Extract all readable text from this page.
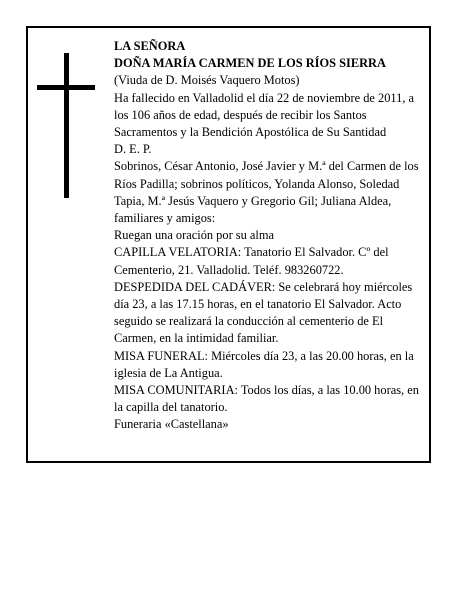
LA SEÑORA

DOÑA MARÍA CARMEN DE LOS RÍOS SIERRA

(Viuda de D. Moisés Vaquero Motos)

Ha fallecido en Valladolid el día 22 de noviembre de 2011, a los 106 años de edad, después de recibir los Santos Sacramentos y la Bendición Apostólica de Su Santidad

D. E. P.

Sobrinos, César Antonio, José Javier y M.ª del Carmen de los Ríos Padilla; sobrinos políticos, Yolanda Alonso, Soledad Tapia, M.ª Jesús Vaquero y Gregorio Gil; Juliana Aldea, familiares y amigos:

Ruegan una oración por su alma

CAPILLA VELATORIA: Tanatorio El Salvador. Cº del Cementerio, 21. Valladolid. Teléf. 983260722.

DESPEDIDA DEL CADÁVER: Se celebrará hoy miércoles día 23, a las 17.15 horas, en el tanatorio El Salvador. Acto seguido se realizará la conducción al cementerio de El Carmen, en la intimidad familiar.

MISA FUNERAL: Miércoles día 23, a las 20.00 horas, en la iglesia de La Antigua.

MISA COMUNITARIA: Todos los días, a las 10.00 horas, en la capilla del tanatorio.

Funeraria «Castellana»
